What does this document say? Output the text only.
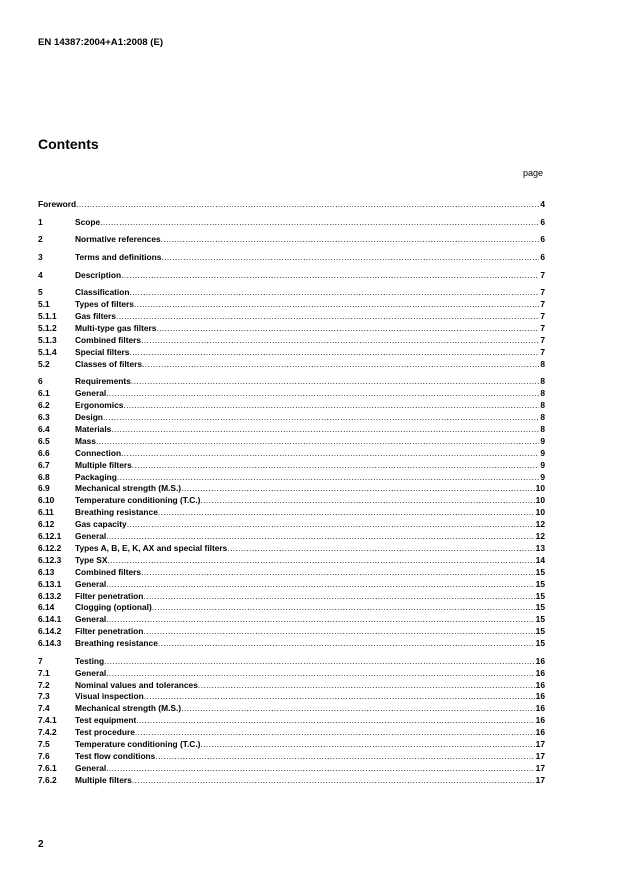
EN 14387:2004+A1:2008 (E)
Contents
page
Foreword .....	4
1	Scope .....	6
2	Normative references .....	6
3	Terms and definitions .....	6
4	Description .....	7
5	Classification .....	7
5.1	Types of filters .....	7
5.1.1	Gas filters .....	7
5.1.2	Multi-type gas filters .....	7
5.1.3	Combined filters .....	7
5.1.4	Special filters .....	7
5.2	Classes of filters .....	8
6	Requirements .....	8
6.1	General .....	8
6.2	Ergonomics .....	8
6.3	Design .....	8
6.4	Materials .....	8
6.5	Mass .....	9
6.6	Connection .....	9
6.7	Multiple filters .....	9
6.8	Packaging .....	9
6.9	Mechanical strength (M.S.) .....	10
6.10	Temperature conditioning (T.C.) .....	10
6.11	Breathing resistance .....	10
6.12	Gas capacity .....	12
6.12.1	General .....	12
6.12.2	Types A, B, E, K, AX and special filters .....	13
6.12.3	Type SX .....	14
6.13	Combined filters .....	15
6.13.1	General .....	15
6.13.2	Filter penetration .....	15
6.14	Clogging (optional) .....	15
6.14.1	General .....	15
6.14.2	Filter penetration .....	15
6.14.3	Breathing resistance .....	15
7	Testing .....	16
7.1	General .....	16
7.2	Nominal values and tolerances .....	16
7.3	Visual inspection .....	16
7.4	Mechanical strength (M.S.) .....	16
7.4.1	Test equipment .....	16
7.4.2	Test procedure .....	16
7.5	Temperature conditioning (T.C.) .....	17
7.6	Test flow conditions .....	17
7.6.1	General .....	17
7.6.2	Multiple filters .....	17
2
